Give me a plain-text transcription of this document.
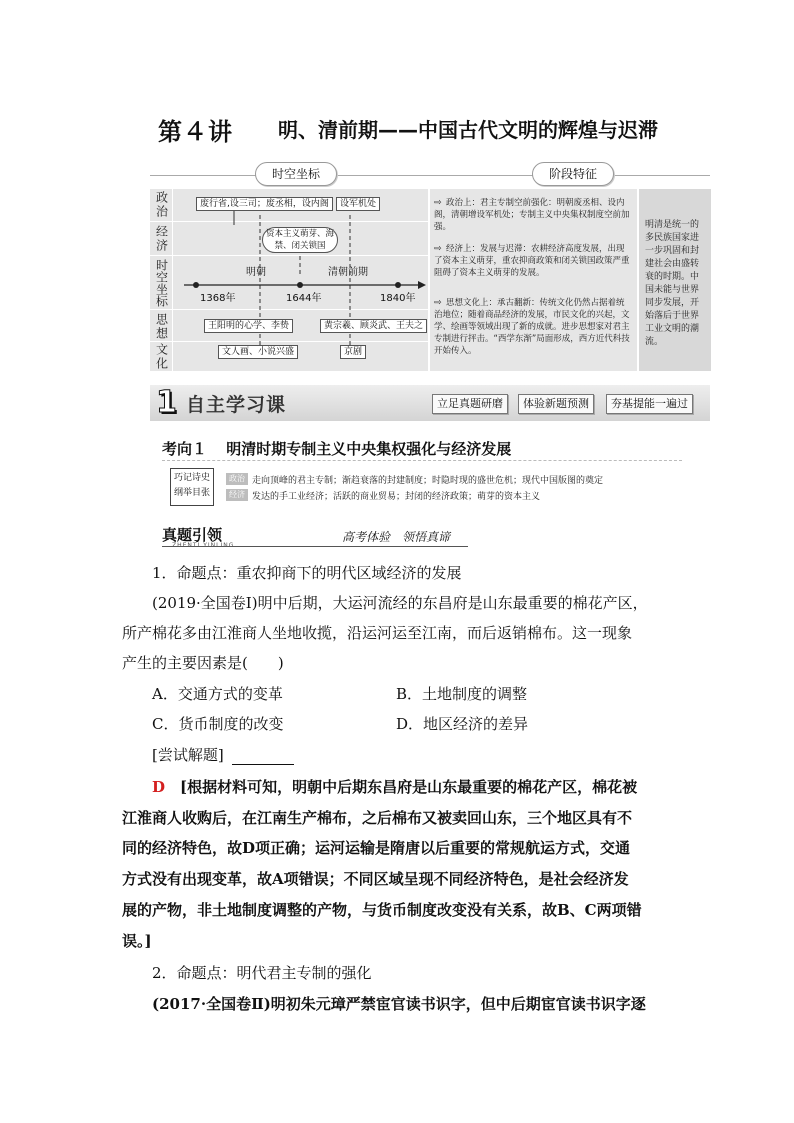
第４讲 明、清前期——中国古代文明的辉煌与迟滞
时空坐标	阶段特征
政治
经济
时空坐标
思想
文化
废行省,设三司；废丞相，设内阁	设军机处
资本主义萌芽、海禁、闭关锁国
明朝	清朝前期
1368年	1644年	1840年
王阳明的心学、李贽	黄宗羲、顾炎武、王夫之
文人画、小说兴盛	京剧
⇨ 政治上：君主专制空前强化：明朝废丞相、设内阁，清朝增设军机处；专制主义中央集权制度空前加强。
⇨ 经济上：发展与迟滞：农耕经济高度发展，出现了资本主义萌芽，重农抑商政策和闭关锁国政策严重阻碍了资本主义萌芽的发展。
⇨ 思想文化上：承古翻新：传统文化仍然占据着统治地位；随着商品经济的发展，市民文化的兴起，文学、绘画等领域出现了新的成就。进步思想家对君主专制进行抨击。“西学东渐”局面形成，西方近代科技开始传入。
明清是统一的多民族国家进一步巩固和封建社会由盛转衰的时期。中国未能与世界同步发展，开始落后于世界工业文明的潮流。
1 自主学习课	立足真题研磨	体验新题预测	夯基提能一遍过
考向１ 明清时期专制主义中央集权强化与经济发展
巧记诗史
纲举目张
政治 走向顶峰的君主专制；渐趋衰落的封建制度；时隐时现的盛世危机；现代中国版图的奠定
经济 发达的手工业经济；活跃的商业贸易；封闭的经济政策；萌芽的资本主义
真题引领
ZHENTI YINLING
高考体验　领悟真谛
1．命题点：重农抑商下的明代区域经济的发展
(2019·全国卷Ⅰ)明中后期，大运河流经的东昌府是山东最重要的棉花产区，
所产棉花多由江淮商人坐地收揽，沿运河运至江南，而后返销棉布。这一现象
产生的主要因素是(　　)
A．交通方式的变革	B．土地制度的调整
C．货币制度的改变	D．地区经济的差异
[尝试解题]
D　 [根据材料可知，明朝中后期东昌府是山东最重要的棉花产区，棉花被
江淮商人收购后，在江南生产棉布，之后棉布又被卖回山东，三个地区具有不
同的经济特色，故D项正确；运河运输是隋唐以后重要的常规航运方式，交通
方式没有出现变革，故A项错误；不同区域呈现不同经济特色，是社会经济发
展的产物，非土地制度调整的产物，与货币制度改变没有关系，故B、C两项错
误。]
2．命题点：明代君主专制的强化
(2017·全国卷Ⅱ)明初朱元璋严禁宦官读书识字，但中后期宦官读书识字逐
